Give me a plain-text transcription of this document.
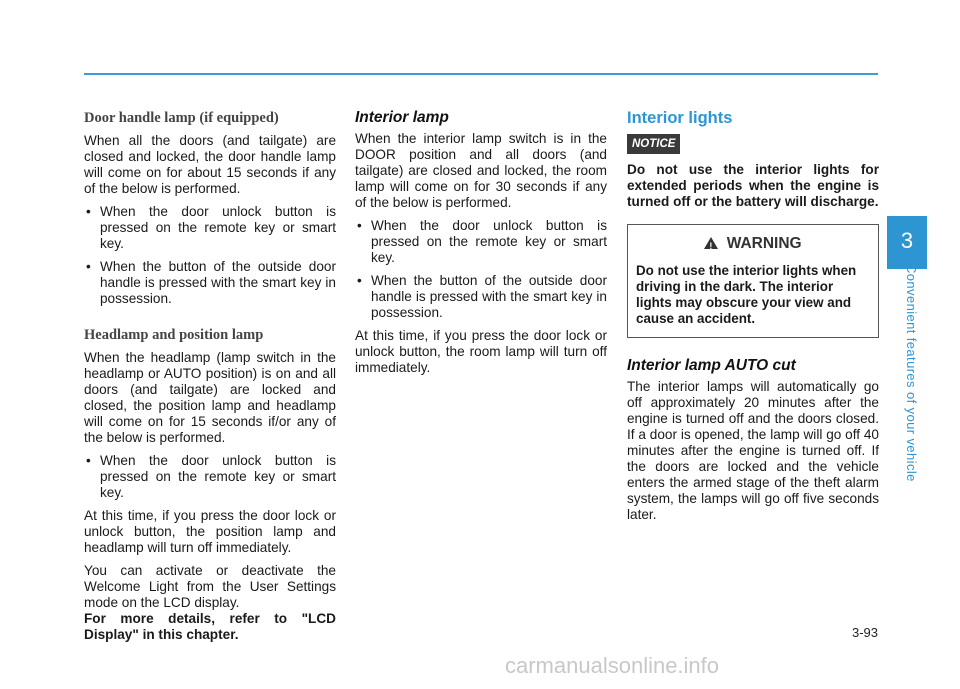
Door handle lamp (if equipped)

When all the doors (and tailgate) are closed and locked, the door handle lamp will come on for about 15 seconds if any of the below is performed.

• When the door unlock button is pressed on the remote key or smart key.
• When the button of the outside door handle is pressed with the smart key in possession.
Headlamp and position lamp

When the headlamp (lamp switch in the headlamp or AUTO position) is on and all doors (and tailgate) are locked and closed, the position lamp and headlamp will come on for 15 seconds if/or any of the below is performed.

• When the door unlock button is pressed on the remote key or smart key.

At this time, if you press the door lock or unlock button, the position lamp and headlamp will turn off immediately.

You can activate or deactivate the Welcome Light from the User Settings mode on the LCD display.

For more details, refer to "LCD Display" in this chapter.

Interior lamp

When the interior lamp switch is in the DOOR position and all doors (and tailgate) are closed and locked, the room lamp will come on for 30 seconds if any of the below is performed.

• When the door unlock button is pressed on the remote key or smart key.
• When the button of the outside door handle is pressed with the smart key in possession.

At this time, if you press the door lock or unlock button, the room lamp will turn off immediately.

Interior lights
NOTICE

Do not use the interior lights for extended periods when the engine is turned off or the battery will discharge.

! WARNING
Do not use the interior lights when driving in the dark. The interior lights may obscure your view and cause an accident.
Interior lamp AUTO cut

The interior lamps will automatically go off approximately 20 minutes after the engine is turned off and the doors closed. If a door is opened, the lamp will go off 40 minutes after the engine is turned off. If the doors are locked and the vehicle enters the armed stage of the theft alarm system, the lamps will go off five seconds later.

3
Convenient features of your vehicle
3-93
carmanualsonline.info
